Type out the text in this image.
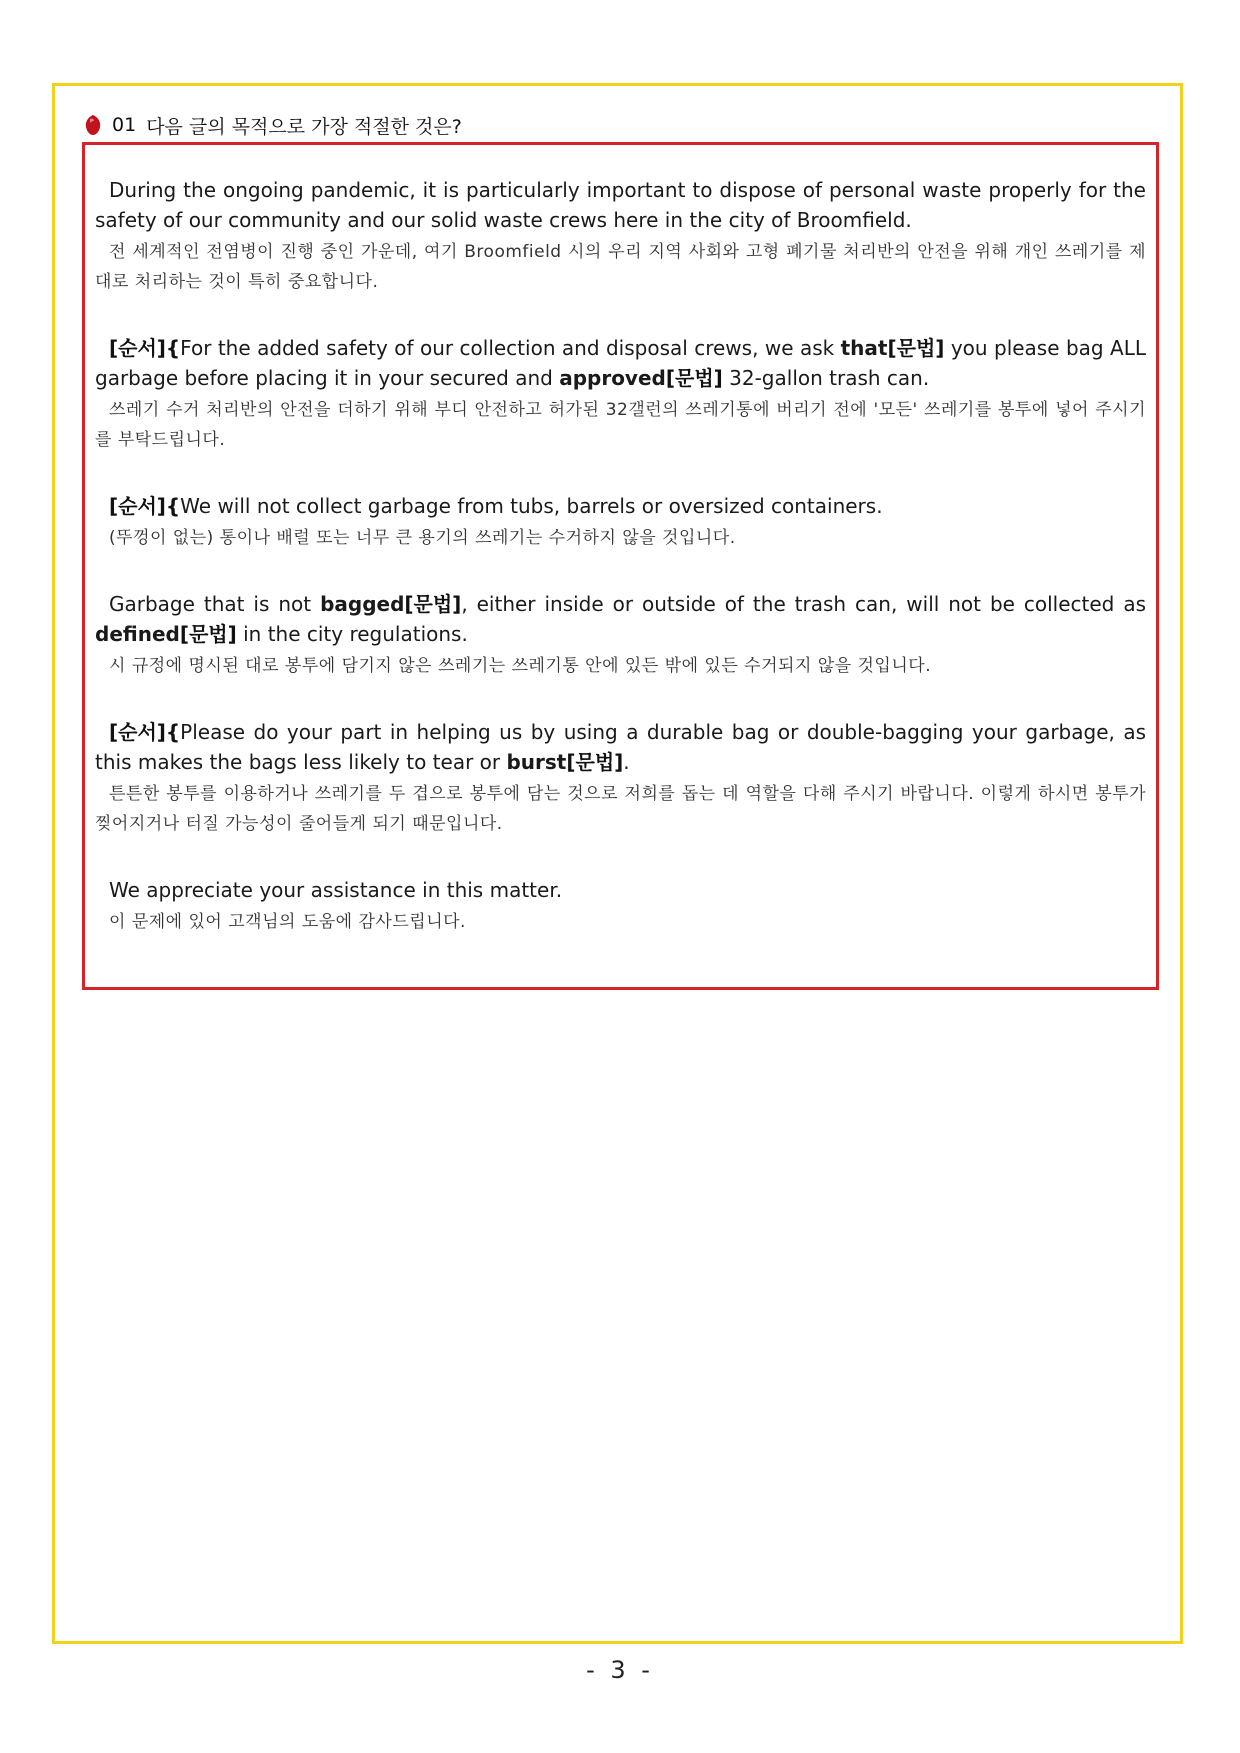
01 다음 글의 목적으로 가장 적절한 것은?

During the ongoing pandemic, it is particularly important to dispose of personal waste properly for the safety of our community and our solid waste crews here in the city of Broomfield.

전 세계적인 전염병이 진행 중인 가운데, 여기 Broomfield 시의 우리 지역 사회와 고형 폐기물 처리반의 안전을 위해 개인 쓰레기를 제대로 처리하는 것이 특히 중요합니다.

[순서]{For the added safety of our collection and disposal crews, we ask that[문법] you please bag ALL garbage before placing it in your secured and approved[문법] 32-gallon trash can.

쓰레기 수거 처리반의 안전을 더하기 위해 부디 안전하고 허가된 32갤런의 쓰레기통에 버리기 전에 '모든' 쓰레기를 봉투에 넣어 주시기를 부탁드립니다.

[순서]{We will not collect garbage from tubs, barrels or oversized containers.

(뚜껑이 없는) 통이나 배럴 또는 너무 큰 용기의 쓰레기는 수거하지 않을 것입니다.

Garbage that is not bagged[문법], either inside or outside of the trash can, will not be collected as defined[문법] in the city regulations.

시 규정에 명시된 대로 봉투에 담기지 않은 쓰레기는 쓰레기통 안에 있든 밖에 있든 수거되지 않을 것입니다.

[순서]{Please do your part in helping us by using a durable bag or double-bagging your garbage, as this makes the bags less likely to tear or burst[문법].

튼튼한 봉투를 이용하거나 쓰레기를 두 겹으로 봉투에 담는 것으로 저희를 돕는 데 역할을 다해 주시기 바랍니다. 이렇게 하시면 봉투가 찢어지거나 터질 가능성이 줄어들게 되기 때문입니다.

We appreciate your assistance in this matter.

이 문제에 있어 고객님의 도움에 감사드립니다.

- 3 -
